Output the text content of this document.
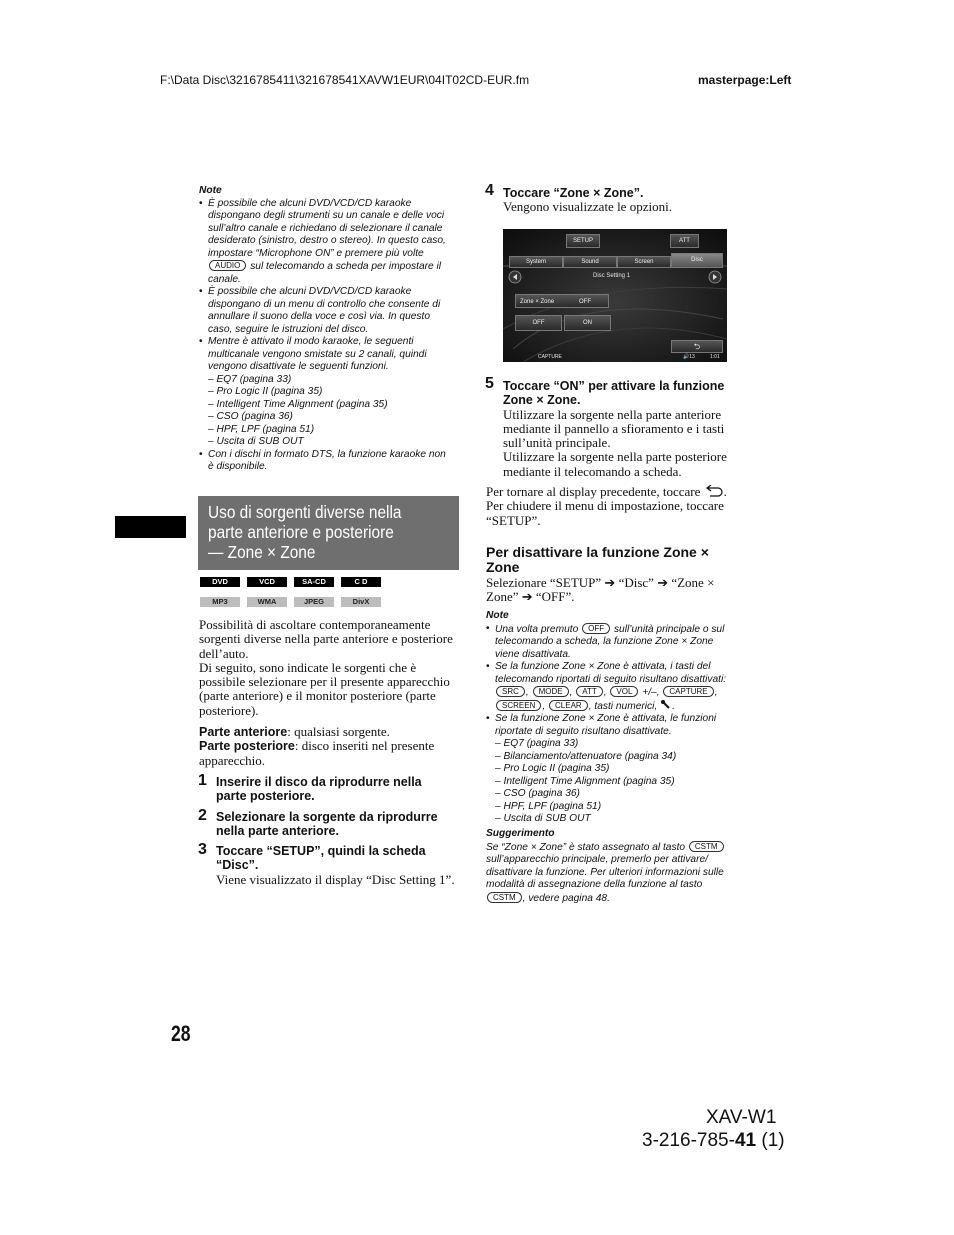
F:\Data Disc\3216785411\321678541XAVW1EUR\04IT02CD-EUR.fm	masterpage:Left
Note
• È possibile che alcuni DVD/VCD/CD karaoke
dispongano degli strumenti su un canale e delle voci
sull’altro canale e richiedano di selezionare il canale
desiderato (sinistro, destro o stereo). In questo caso,
impostare “Microphone ON” e premere più volte
AUDIO sul telecomando a scheda per impostare il
canale.
• È possibile che alcuni DVD/VCD/CD karaoke
dispongano di un menu di controllo che consente di
annullare il suono della voce e così via. In questo
caso, seguire le istruzioni del disco.
• Mentre è attivato il modo karaoke, le seguenti
multicanale vengono smistate su 2 canali, quindi
vengono disattivate le seguenti funzioni.
– EQ7 (pagina 33)
– Pro Logic II (pagina 35)
– Intelligent Time Alignment (pagina 35)
– CSO (pagina 36)
– HPF, LPF (pagina 51)
– Uscita di SUB OUT
• Con i dischi in formato DTS, la funzione karaoke non
è disponibile.
Uso di sorgenti diverse nella
parte anteriore e posteriore
— Zone × Zone
DVD	VCD	SA-CD	C D
MP3	WMA	JPEG	DivX
Possibilità di ascoltare contemporaneamente
sorgenti diverse nella parte anteriore e posteriore
dell’auto.
Di seguito, sono indicate le sorgenti che è
possibile selezionare per il presente apparecchio
(parte anteriore) e il monitor posteriore (parte
posteriore).
Parte anteriore: qualsiasi sorgente.
Parte posteriore: disco inseriti nel presente
apparecchio.
1 Inserire il disco da riprodurre nella
parte posteriore.
2 Selezionare la sorgente da riprodurre
nella parte anteriore.
3 Toccare “SETUP”, quindi la scheda
“Disc”.
Viene visualizzato il display “Disc Setting 1”.
28
4 Toccare “Zone × Zone”.
Vengono visualizzate le opzioni.
SETUP	ATT
System	Sound	Screen	Disc
Disc Setting 1
Zone × Zone	OFF
OFF	ON
⮌
CAPTURE	🔊13	1:01
5 Toccare “ON” per attivare la funzione
Zone × Zone.
Utilizzare la sorgente nella parte anteriore
mediante il pannello a sfioramento e i tasti
sull’unità principale.
Utilizzare la sorgente nella parte posteriore
mediante il telecomando a scheda.
Per tornare al display precedente, toccare .
Per chiudere il menu di impostazione, toccare
“SETUP”.
Per disattivare la funzione Zone ×
Zone
Selezionare “SETUP” ➔ “Disc” ➔ “Zone ×
Zone” ➔ “OFF”.
Note
• Una volta premuto OFF sull’unità principale o sul
telecomando a scheda, la funzione Zone × Zone
viene disattivata.
• Se la funzione Zone × Zone è attivata, i tasti del
telecomando riportati di seguito risultano disattivati:
SRC , MODE , ATT , VOL +/–, CAPTURE ,
SCREEN , CLEAR , tasti numerici, .
• Se la funzione Zone × Zone è attivata, le funzioni
riportate di seguito risultano disattivate.
– EQ7 (pagina 33)
– Bilanciamento/attenuatore (pagina 34)
– Pro Logic II (pagina 35)
– Intelligent Time Alignment (pagina 35)
– CSO (pagina 36)
– HPF, LPF (pagina 51)
– Uscita di SUB OUT
Suggerimento
Se “Zone × Zone” è stato assegnato al tasto CSTM
sull’apparecchio principale, premerlo per attivare/
disattivare la funzione. Per ulteriori informazioni sulle
modalità di assegnazione della funzione al tasto
CSTM , vedere pagina 48.
XAV-W1
3-216-785-41 (1)
